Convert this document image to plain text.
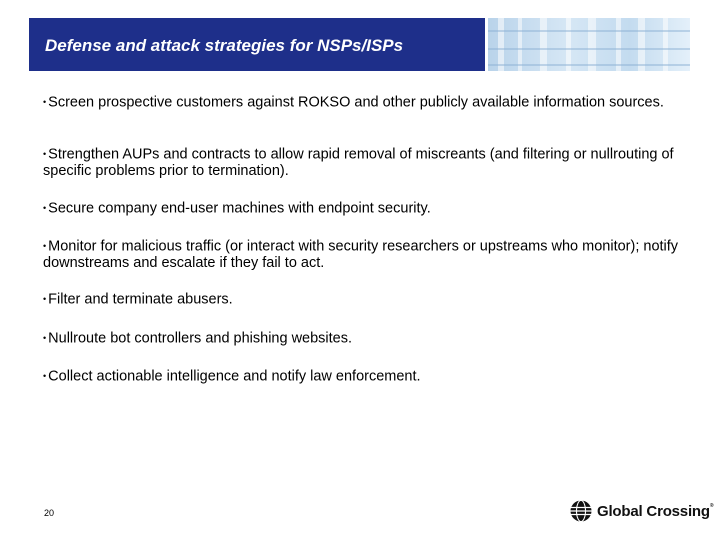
Defense and attack strategies for NSPs/ISPs
• Screen prospective customers against ROKSO and other publicly available information sources.
• Strengthen AUPs and contracts to allow rapid removal of miscreants (and filtering or nullrouting of specific problems prior to termination).
• Secure company end-user machines with endpoint security.
• Monitor for malicious traffic (or interact with security researchers or upstreams who monitor); notify downstreams and escalate if they fail to act.
• Filter and terminate abusers.
• Nullroute bot controllers and phishing websites.
• Collect actionable intelligence and notify law enforcement.
20	Global Crossing®
